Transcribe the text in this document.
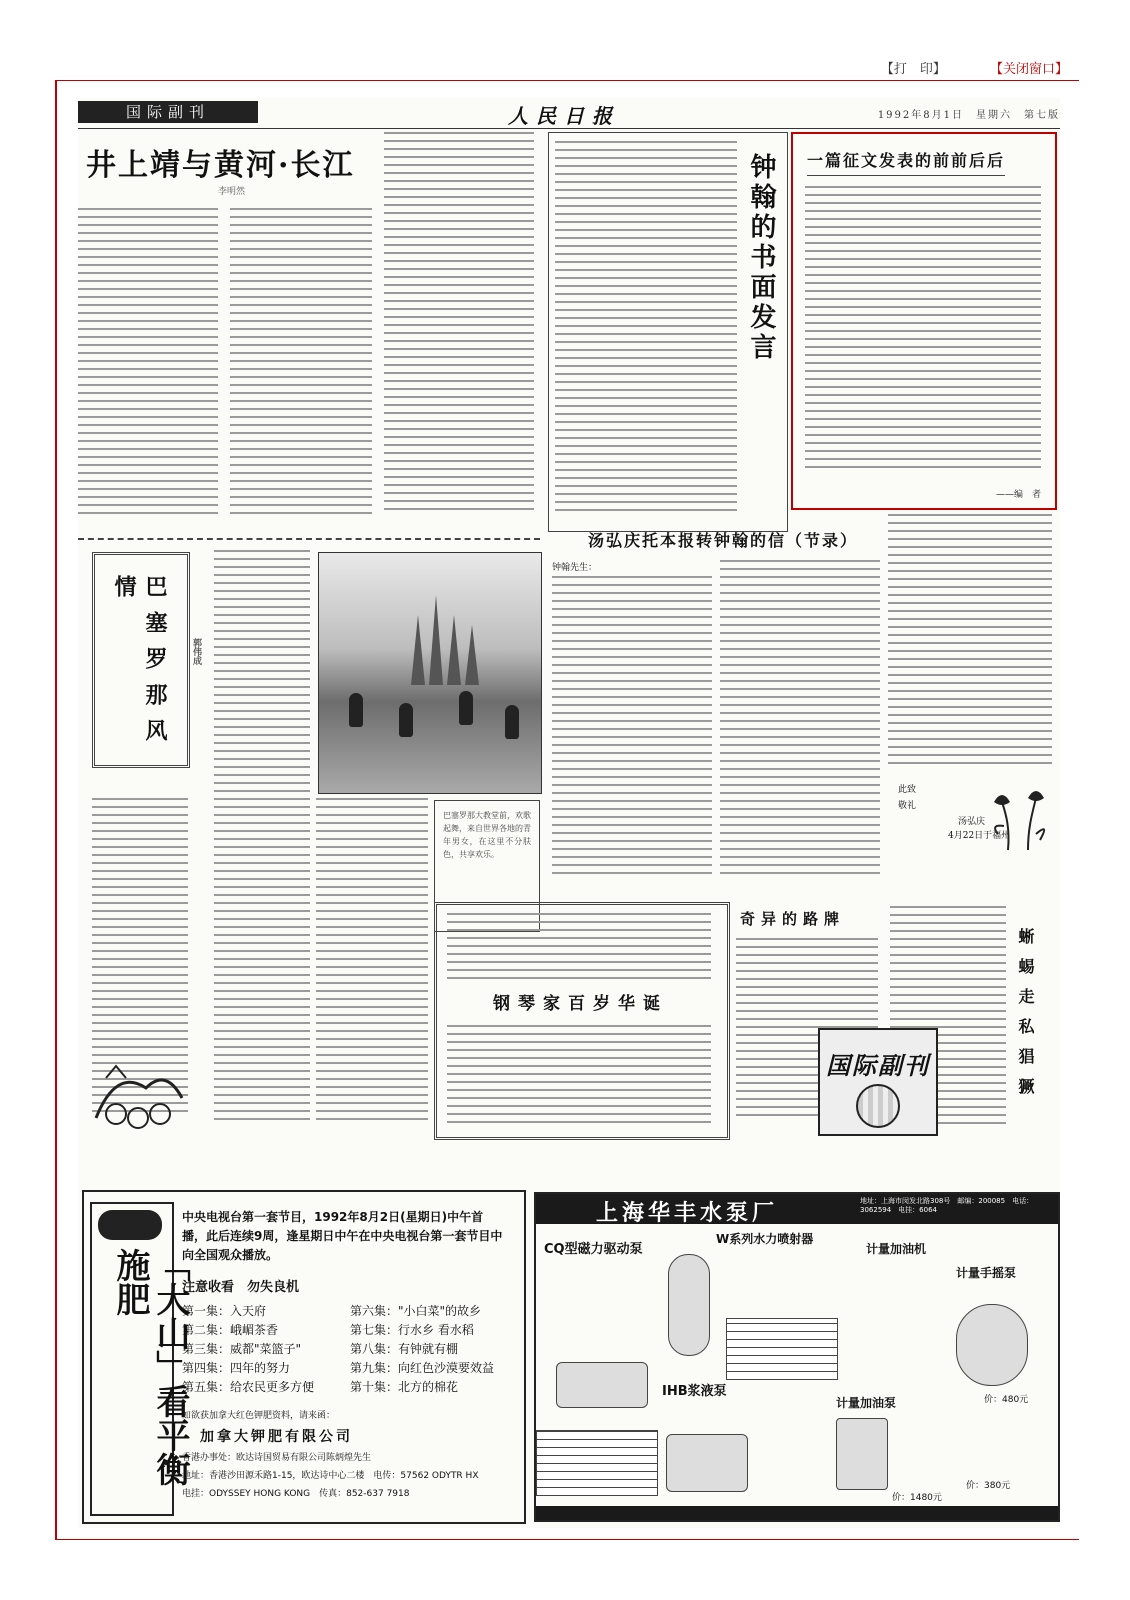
【打　印】	【关闭窗口】
国际副刊	人民日报	1992年8月1日　星期六　第七版
井上靖与黄河·长江
李明然	钟翰的书面发言 一篇征文发表的前前后后
——编　者
汤弘庆托本报转钟翰的信（节录）
钟翰先生：
此致
敬礼
汤弘庆
4月22日于福州
巴塞罗那风情
郭伟成
巴塞罗那大教堂前，欢歌起舞，来自世界各地的青年男女，在这里不分肤色，共享欢乐。
钢琴家百岁华诞
奇异的路牌
蜥蜴走私猖獗
国际副刊
「大山」看平衡施肥
中央电视台第一套节目，1992年8月2日(星期日)中午首播，此后连续9周，逢星期日中午在中央电视台第一套节目中向全国观众播放。
注意收看　勿失良机
第一集：入天府
第二集：峨嵋茶香
第三集：威都"菜篮子"
第四集：四年的努力
第五集：给农民更多方便
第六集："小白菜"的故乡
第七集：行水乡 看水稻
第八集：有钟就有棚
第九集：向红色沙漠要效益
第十集：北方的棉花
如欲获加拿大红色钾肥资料，请来函：
加拿大钾肥有限公司
香港办事处：欧达诗国贸易有限公司陈炳煌先生
地址：香港沙田源禾路1-15，欧达诗中心二楼　电传：57562 ODYTR HX
电挂：ODYSSEY HONG KONG　传真：852-637 7918
上海华丰水泵厂	地址：上海市闵发北路308号　邮编：200085　电话：3062594　电挂：6064
CQ型磁力驱动泵
W系列水力喷射器
IHB浆液泵
计量加油机
计量手摇泵
计量加油泵	价：480元
价：1480元
价：380元
